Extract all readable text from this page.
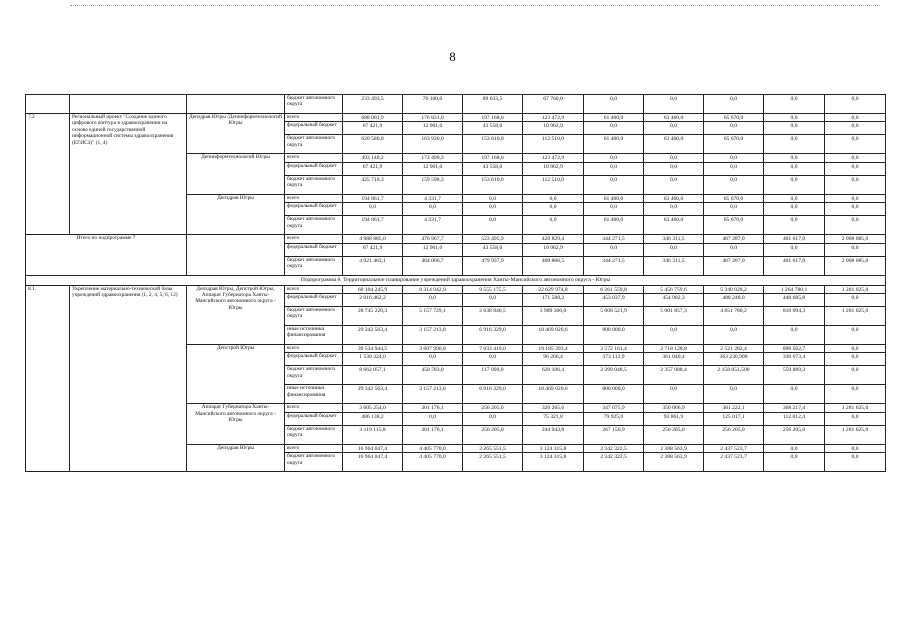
8
			бюджет автономного округа	233 493,5	76 100,0	89 633,5	67 760,0	0,0	0,0	0,0	0,0	0,0
7.2	Региональный проект "Создание единого цифрового контура в здравоохранении на основе единой государственной информационной системы здравоохранения (ЕГИСЗ)" (1, 4)	Депздрав Югры /Депинформтехнологий Югры	всего	688 001,9	176 831,0	197 168,0	123 472,9	61 400,0	63 460,0	65 670,0	0,0	0,0
			федеральный бюджет	67 421,9	12 901,0	43 558,0	10 962,9	0,0	0,0	0,0	0,0	0,0
			бюджет автономного округа	620 580,0	163 930,0	153 610,0	112 510,0	61 400,0	63 460,0	65 670,0	0,0	0,0
		Депинформтехнологий Югры	всего	493 140,2	172 499,3	197 168,0	123 472,9	0,0	0,0	0,0	0,0	0,0
			федеральный бюджет	67 421,9	12 901,0	43 558,0	10 962,9	0,0	0,0	0,0	0,0	0,0
			бюджет автономного округа	425 718,3	159 598,3	153 610,0	112 510,0	0,0	0,0	0,0	0,0	0,0
		Депздрав Югры	всего	194 861,7	4 331,7	0,0	0,0	61 400,0	63 460,0	65 670,0	0,0	0,0
			федеральный бюджет	0,0	0,0	0,0	0,0	0,0	0,0	0,0	0,0	0,0
			бюджет автономного округа	194 861,7	4 331,7	0,0	0,0	61 400,0	63 460,0	65 670,0	0,0	0,0
Итого по подпрограмме 7			всего	4 988 885,0	476 967,7	523 495,9	420 829,4	344 271,5	346 311,5	467 287,0	401 617,0	2 008 085,0
			федеральный бюджет	67 421,9	12 901,0	43 558,0	10 962,9	0,0	0,0	0,0	0,0	0,0
			бюджет автономного округа	4 921 463,1	464 066,7	479 937,9	409 866,5	344 271,5	346 311,5	467 287,0	401 617,0	2 008 085,0
Подпрограмма 8. Территориальное планирование учреждений здравоохранения Ханты-Мансийского автономного округа - Югры												
8.1.	Укрепление материально-технической базы учреждений здравоохранения (1, 2, 4, 5, 6, 12)	Депздрав Югры, Депстрой Югры, Аппарат Губернатора Ханты-Мансийского автономного округа - Югры	всего	60 104 245,9	8 314 942,9	9 555 175,5	22 629 974,8	6 261 559,8	5 456 759,6	5 340 028,2	1 264 780,1	1 281 025,0
			федеральный бюджет	2 016 462,2	0,0	0,0	171 588,2	453 037,9	454 902,3	488 248,0	448 685,8	0,0
			бюджет автономного округа	28 745 220,3	5 157 729,1	2 638 846,5	3 989 366,0	5 008 521,9	5 001 857,3	4 851 780,2	816 094,3	1 281 025,0
			иные источники финансирования	29 342 563,4	3 157 213,8	6 916 329,0	18 469 020,6	800 000,0	0,0	0,0	0,0	0,0
		Депстрой Югры	всего	39 534 944,5	3 607 996,8	7 033 419,0	19 185 393,4	3 572 161,4	2 718 128,8	2 521 282,4	896 562,7	0,0
			федеральный бюджет	1 530 324,0	0,0	0,0	96 266,4	373 112,9	361 040,4	363 230,900	336 673,4	0,0
			бюджет автономного округа	8 662 057,1	450 783,0	117 090,0	620 106,4	2 399 048,5	2 357 088,4	2 158 051,500	559 889,3	0,0
			иные источники финансирования	29 342 563,4	3 157 213,8	6 916 329,0	18 469 020,6	800 000,0	0,0	0,0	0,0	0,0
		Аппарат Губернатора Ханты-Мансийского автономного округа - Югры	всего	3 605 254,0	301 176,1	256 205,0	320 265,6	347 075,9	350 066,9	381 222,1	368 217,4	1 281 025,0
			федеральный бюджет	486 138,2	0,0	0,0	75 321,8	79 925,0	93 861,9	125 017,1	112 012,4	0,0
			бюджет автономного округа	3 119 115,8	301 176,1	256 205,0	244 943,8	267 150,9	256 205,0	256 205,0	256 205,0	1 281 025,0
		Депздрав Югры	всего	16 964 047,4	4 405 770,0	2 265 551,5	3 124 315,8	2 342 322,5	2 388 563,9	2 437 523,7	0,0	0,0
			бюджет автономного округа	16 964 047,4	4 405 770,0	2 265 551,5	3 124 315,8	2 342 322,5	2 388 563,9	2 437 523,7	0,0	0,0
